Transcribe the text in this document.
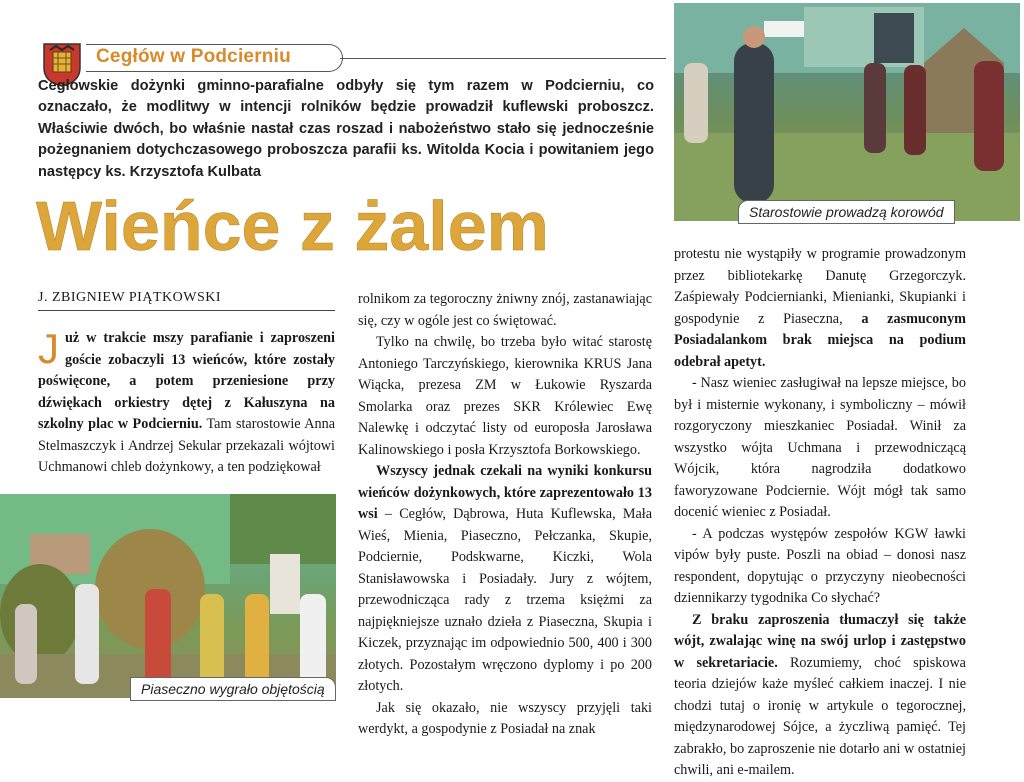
Cegłów w Podcierniu
Cegłowskie dożynki gminno-parafialne odbyły się tym razem w Podcierniu, co oznaczało, że modlitwy w intencji rolników będzie prowadził kuflewski proboszcz. Właściwie dwóch, bo właśnie nastał czas roszad i nabożeństwo stało się jednocześnie pożegnaniem dotychczasowego proboszcza parafii ks. Witolda Kocia i powitaniem jego następcy ks. Krzysztofa Kulbata
Wieńce z żalem
J. ZBIGNIEW PIĄTKOWSKI

Już w trakcie mszy parafianie i zaproszeni goście zobaczyli 13 wieńców, które zostały poświęcone, a potem przeniesione przy dźwiękach orkiestry dętej z Kałuszyna na szkolny plac w Podcierniu. Tam starostowie Anna Stelmaszczyk i Andrzej Sekular przekazali wójtowi Uchmanowi chleb dożynkowy, a ten podziękował

rolnikom za tegoroczny żniwny znój, zastanawiając się, czy w ogóle jest co świętować.

Tylko na chwilę, bo trzeba było witać starostę Antoniego Tarczyńskiego, kierownika KRUS Jana Wiącka, prezesa ZM w Łukowie Ryszarda Smolarka oraz prezes SKR Królewiec Ewę Nalewkę i odczytać listy od europosła Jarosława Kalinowskiego i posła Krzysztofa Borkowskiego.

Wszyscy jednak czekali na wyniki konkursu wieńców dożynkowych, które zaprezentowało 13 wsi – Cegłów, Dąbrowa, Huta Kuflewska, Mała Wieś, Mienia, Piaseczno, Pełczanka, Skupie, Podciernie, Podskwarne, Kiczki, Wola Stanisławowska i Posiadały. Jury z wójtem, przewodnicząca rady z trzema księżmi za najpiękniejsze uznało dzieła z Piaseczna, Skupia i Kiczek, przyznając im odpowiednio 500, 400 i 300 złotych. Pozostałym wręczono dyplomy i po 200 złotych.

Jak się okazało, nie wszyscy przyjęli taki werdykt, a gospodynie z Posiadał na znak

protestu nie wystąpiły w programie prowadzonym przez bibliotekarkę Danutę Grzegorczyk. Zaśpiewały Podciernianki, Mienianki, Skupianki i gospodynie z Piaseczna, a zasmuconym Posiadalankom brak miejsca na podium odebrał apetyt.

- Nasz wieniec zasługiwał na lepsze miejsce, bo był i misternie wykonany, i symboliczny – mówił rozgoryczony mieszkaniec Posiadał. Winił za wszystko wójta Uchmana i przewodniczącą Wójcik, która nagrodziła dodatkowo faworyzowane Podciernie. Wójt mógł tak samo docenić wieniec z Posiadał.

- A podczas występów zespołów KGW ławki vipów były puste. Poszli na obiad – donosi nasz respondent, dopytując o przyczyny nieobecności dziennikarzy tygodnika Co słychać?

Z braku zaproszenia tłumaczył się także wójt, zwalając winę na swój urlop i zastępstwo w sekretariacie. Rozumiemy, choć spiskowa teoria dziejów każe myśleć całkiem inaczej. I nie chodzi tutaj o ironię w artykule o tegorocznej, międzynarodowej Sójce, a życzliwą pamięć. Tej zabrakło, bo zaproszenie nie dotarło ani w ostatniej chwili, ani e-mailem.

Starostowie prowadzą korowód
Piaseczno wygrało objętością
